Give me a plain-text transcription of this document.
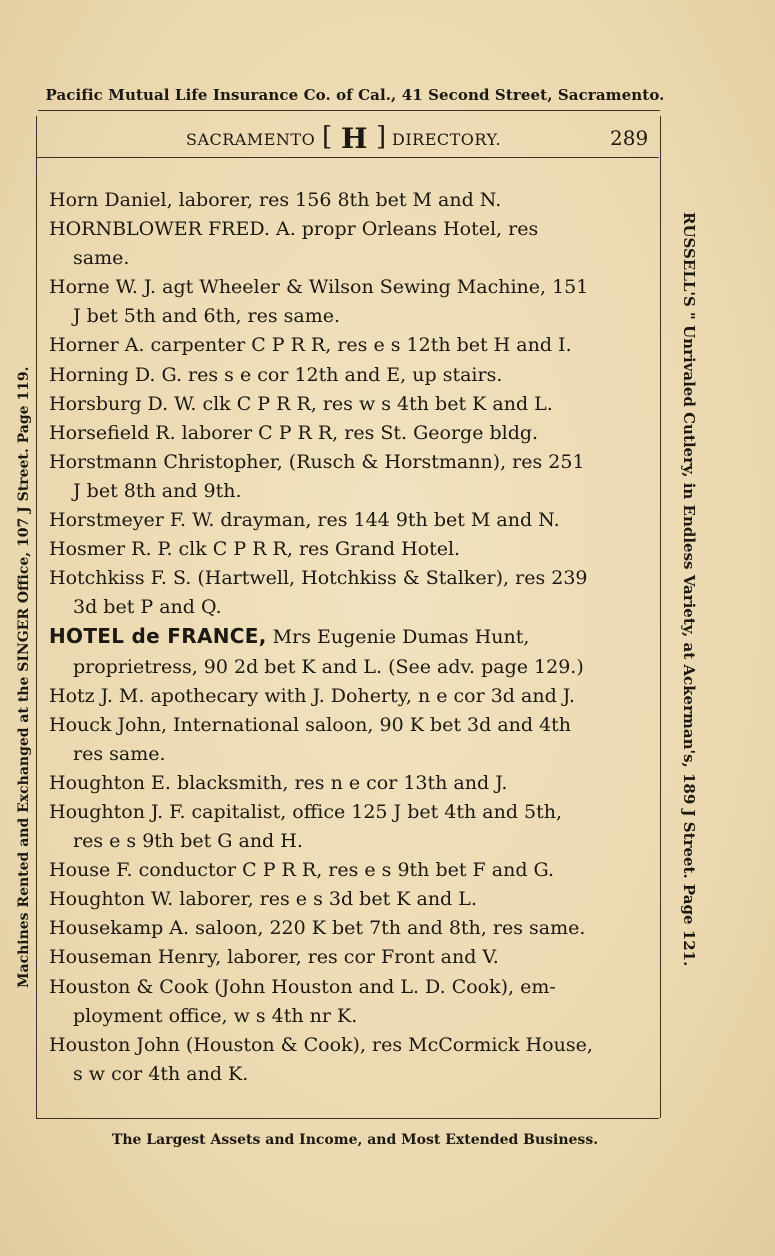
Pacific Mutual Life Insurance Co. of Cal., 41 Second Street, Sacramento.
SACRAMENTO [ H ] DIRECTORY.	289
Horn Daniel, laborer, res 156 8th bet M and N.
HORNBLOWER FRED. A. propr Orleans Hotel, res
same.
Horne W. J. agt Wheeler & Wilson Sewing Machine, 151
J bet 5th and 6th, res same.
Horner A. carpenter C P R R, res e s 12th bet H and I.
Horning D. G. res s e cor 12th and E, up stairs.
Horsburg D. W. clk C P R R, res w s 4th bet K and L.
Horsefield R. laborer C P R R, res St. George bldg.
Horstmann Christopher, (Rusch & Horstmann), res 251
J bet 8th and 9th.
Horstmeyer F. W. drayman, res 144 9th bet M and N.
Hosmer R. P. clk C P R R, res Grand Hotel.
Hotchkiss F. S. (Hartwell, Hotchkiss & Stalker), res 239
3d bet P and Q.
HOTEL de FRANCE, Mrs Eugenie Dumas Hunt,
proprietress, 90 2d bet K and L. (See adv. page 129.)
Hotz J. M. apothecary with J. Doherty, n e cor 3d and J.
Houck John, International saloon, 90 K bet 3d and 4th
res same.
Houghton E. blacksmith, res n e cor 13th and J.
Houghton J. F. capitalist, office 125 J bet 4th and 5th,
res e s 9th bet G and H.
House F. conductor C P R R, res e s 9th bet F and G.
Houghton W. laborer, res e s 3d bet K and L.
Housekamp A. saloon, 220 K bet 7th and 8th, res same.
Houseman Henry, laborer, res cor Front and V.
Houston & Cook (John Houston and L. D. Cook), em-
ployment office, w s 4th nr K.
Houston John (Houston & Cook), res McCormick House,
s w cor 4th and K.
The Largest Assets and Income, and Most Extended Business.
Machines Rented and Exchanged at the SINGER Office, 107 J Street. Page 119.	RUSSELL'S " Unrivaled Cutlery, in Endless Variety, at Ackerman's, 189 J Street. Page 121.
